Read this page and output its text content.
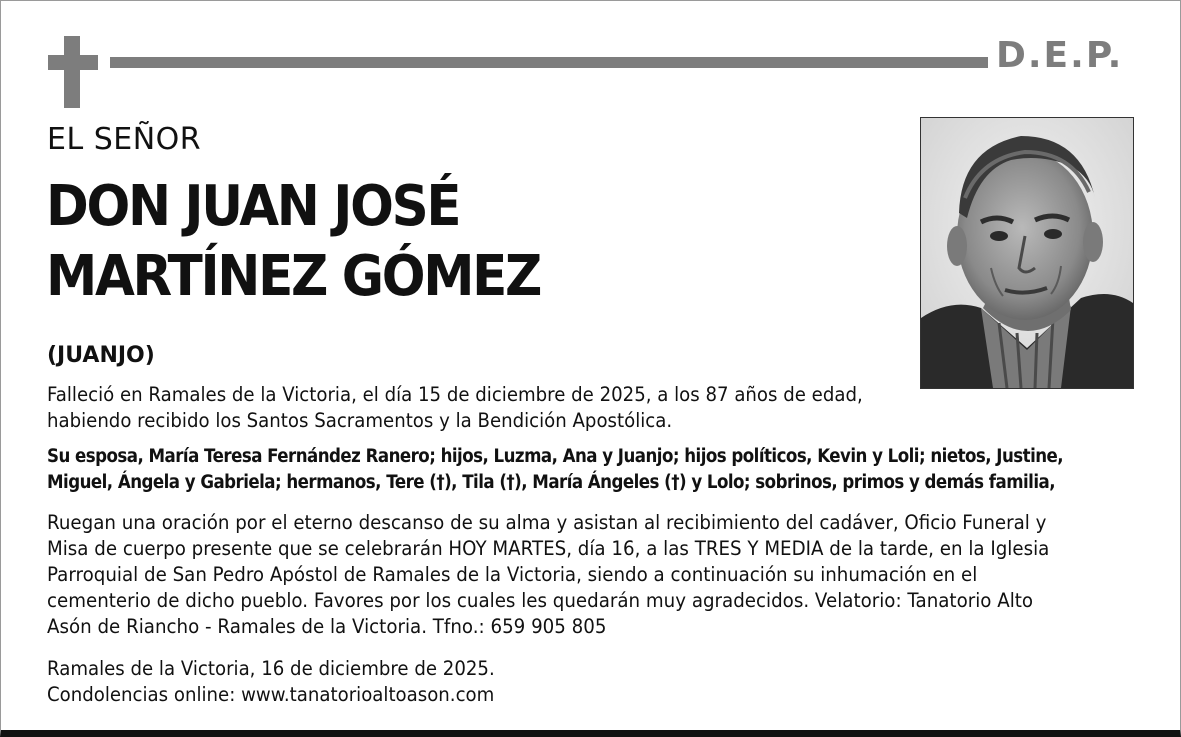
D.E.P.
EL SEÑOR
DON JUAN JOSÉ
MARTÍNEZ GÓMEZ
(JUANJO)
Falleció en Ramales de la Victoria, el día 15 de diciembre de 2025, a los 87 años de edad,
habiendo recibido los Santos Sacramentos y la Bendición Apostólica.
Su esposa, María Teresa Fernández Ranero; hijos, Luzma, Ana y Juanjo; hijos políticos, Kevin y Loli; nietos, Justine,
Miguel, Ángela y Gabriela; hermanos, Tere (†), Tila (†), María Ángeles (†) y Lolo; sobrinos, primos y demás familia,
Ruegan una oración por el eterno descanso de su alma y asistan al recibimiento del cadáver, Oficio Funeral y
Misa de cuerpo presente que se celebrarán HOY MARTES, día 16, a las TRES Y MEDIA de la tarde, en la Iglesia
Parroquial de San Pedro Apóstol de Ramales de la Victoria, siendo a continuación su inhumación en el
cementerio de dicho pueblo. Favores por los cuales les quedarán muy agradecidos. Velatorio: Tanatorio Alto
Asón de Riancho - Ramales de la Victoria. Tfno.: 659 905 805
Ramales de la Victoria, 16 de diciembre de 2025.
Condolencias online: www.tanatorioaltoason.com
